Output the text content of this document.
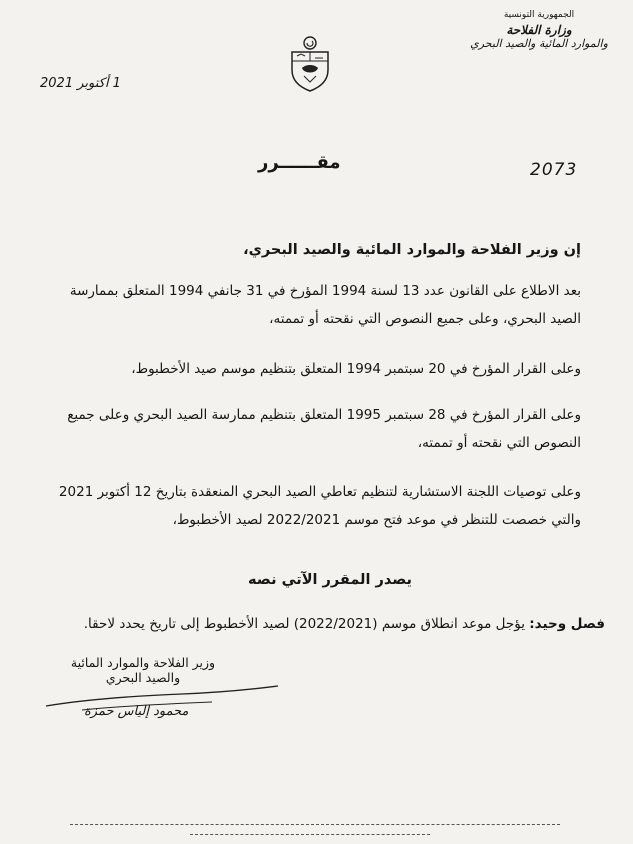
الجمهورية التونسية
وزارة الفلاحة
والموارد المائية والصيد البحري
1 أكتوبر 2021
مقــــــرر	2073
إن وزير الفلاحة والموارد المائية والصيد البحري،
بعد الاطلاع على القانون عدد 13 لسنة 1994 المؤرخ في 31 جانفي 1994 المتعلق بممارسة الصيد البحري، وعلى جميع النصوص التي نقحته أو تممته،
وعلى القرار المؤرخ في 20 سبتمبر 1994 المتعلق بتنظيم موسم صيد الأخطبوط،
وعلى القرار المؤرخ في 28 سبتمبر 1995 المتعلق بتنظيم ممارسة الصيد البحري وعلى جميع النصوص التي نقحته أو تممته،
وعلى توصيات اللجنة الاستشارية لتنظيم تعاطي الصيد البحري المنعقدة بتاريخ 12 أكتوبر 2021 والتي خصصت للتنظر في موعد فتح موسم 2022/2021 لصيد الأخطبوط،
يصدر المقرر الآتي نصه
فصل وحيد: يؤجل موعد انطلاق موسم (2022/2021) لصيد الأخطبوط إلى تاريخ يحدد لاحقا.
وزير الفلاحة والموارد المائية
والصيد البحري
محمود إلياس حمزة
